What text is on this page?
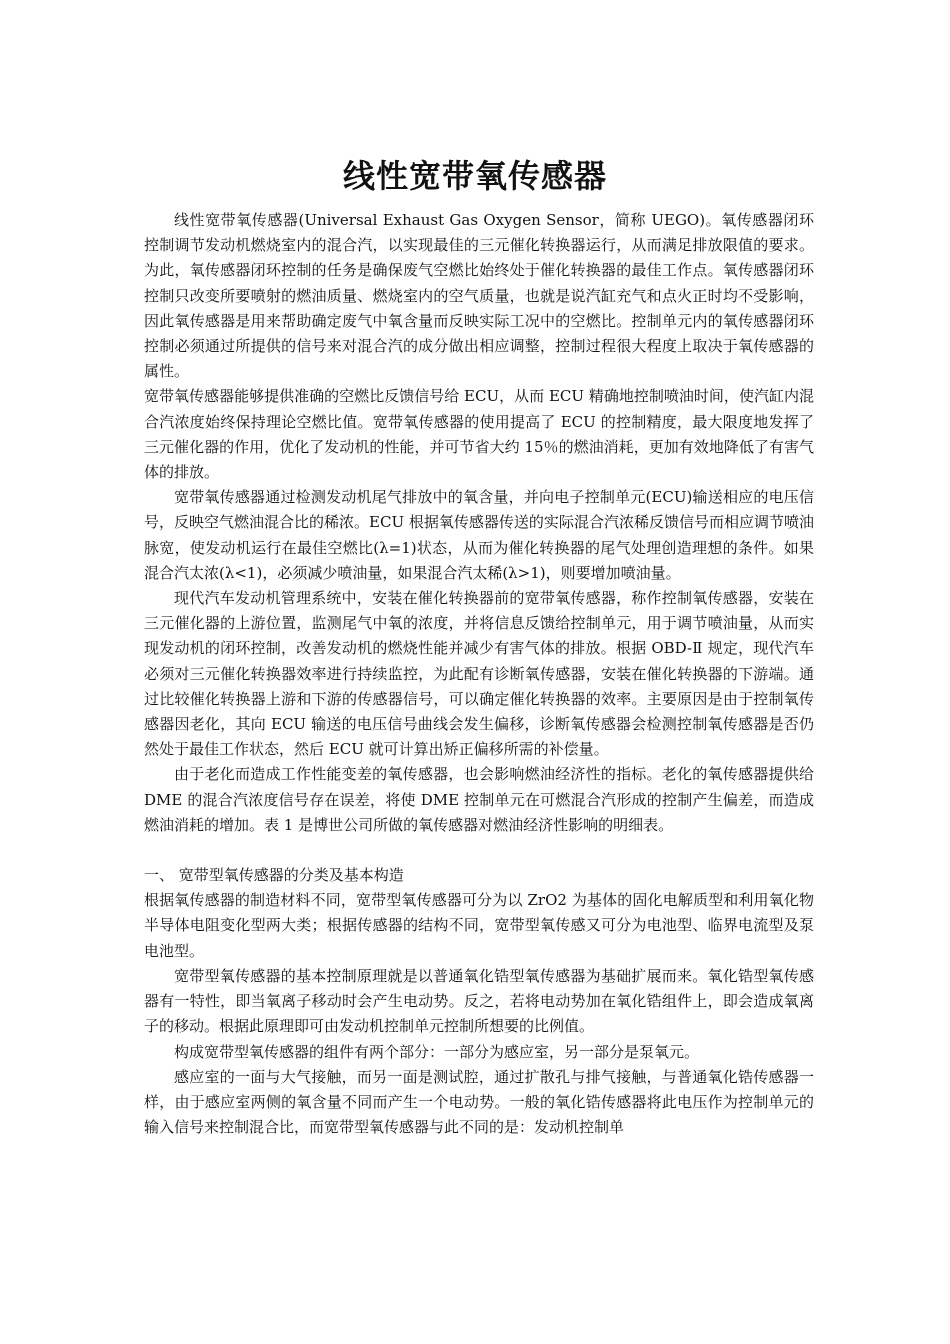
线性宽带氧传感器

线性宽带氧传感器(Universal Exhaust Gas Oxygen Sensor，简称 UEGO)。氧传感器闭环控制调节发动机燃烧室内的混合汽，以实现最佳的三元催化转换器运行，从而满足排放限值的要求。为此，氧传感器闭环控制的任务是确保废气空燃比始终处于催化转换器的最佳工作点。氧传感器闭环控制只改变所要喷射的燃油质量、燃烧室内的空气质量，也就是说汽缸充气和点火正时均不受影响，因此氧传感器是用来帮助确定废气中氧含量而反映实际工况中的空燃比。控制单元内的氧传感器闭环控制必须通过所提供的信号来对混合汽的成分做出相应调整，控制过程很大程度上取决于氧传感器的属性。

宽带氧传感器能够提供准确的空燃比反馈信号给 ECU，从而 ECU 精确地控制喷油时间，使汽缸内混合汽浓度始终保持理论空燃比值。宽带氧传感器的使用提高了 ECU 的控制精度，最大限度地发挥了三元催化器的作用，优化了发动机的性能，并可节省大约 15％的燃油消耗，更加有效地降低了有害气体的排放。

宽带氧传感器通过检测发动机尾气排放中的氧含量，并向电子控制单元(ECU)输送相应的电压信号，反映空气燃油混合比的稀浓。ECU 根据氧传感器传送的实际混合汽浓稀反馈信号而相应调节喷油脉宽，使发动机运行在最佳空燃比(λ=1)状态，从而为催化转换器的尾气处理创造理想的条件。如果混合汽太浓(λ<1)，必须减少喷油量，如果混合汽太稀(λ>1)，则要增加喷油量。

现代汽车发动机管理系统中，安装在催化转换器前的宽带氧传感器，称作控制氧传感器，安装在三元催化器的上游位置，监测尾气中氧的浓度，并将信息反馈给控制单元，用于调节喷油量，从而实现发动机的闭环控制，改善发动机的燃烧性能并减少有害气体的排放。根据 OBD-Ⅱ 规定，现代汽车必须对三元催化转换器效率进行持续监控，为此配有诊断氧传感器，安装在催化转换器的下游端。通过比较催化转换器上游和下游的传感器信号，可以确定催化转换器的效率。主要原因是由于控制氧传感器因老化，其向 ECU 输送的电压信号曲线会发生偏移，诊断氧传感器会检测控制氧传感器是否仍然处于最佳工作状态，然后 ECU 就可计算出矫正偏移所需的补偿量。

由于老化而造成工作性能变差的氧传感器，也会影响燃油经济性的指标。老化的氧传感器提供给 DME 的混合汽浓度信号存在误差，将使 DME 控制单元在可燃混合汽形成的控制产生偏差，而造成燃油消耗的增加。表 1 是博世公司所做的氧传感器对燃油经济性影响的明细表。

一、 宽带型氧传感器的分类及基本构造

根据氧传感器的制造材料不同，宽带型氧传感器可分为以 ZrO2 为基体的固化电解质型和利用氧化物半导体电阻变化型两大类；根据传感器的结构不同，宽带型氧传感又可分为电池型、临界电流型及泵电池型。

宽带型氧传感器的基本控制原理就是以普通氧化锆型氧传感器为基础扩展而来。氧化锆型氧传感器有一特性，即当氧离子移动时会产生电动势。反之，若将电动势加在氧化锆组件上，即会造成氧离子的移动。根据此原理即可由发动机控制单元控制所想要的比例值。

构成宽带型氧传感器的组件有两个部分：一部分为感应室，另一部分是泵氧元。

感应室的一面与大气接触，而另一面是测试腔，通过扩散孔与排气接触，与普通氧化锆传感器一样，由于感应室两侧的氧含量不同而产生一个电动势。一般的氧化锆传感器将此电压作为控制单元的输入信号来控制混合比，而宽带型氧传感器与此不同的是：发动机控制单
